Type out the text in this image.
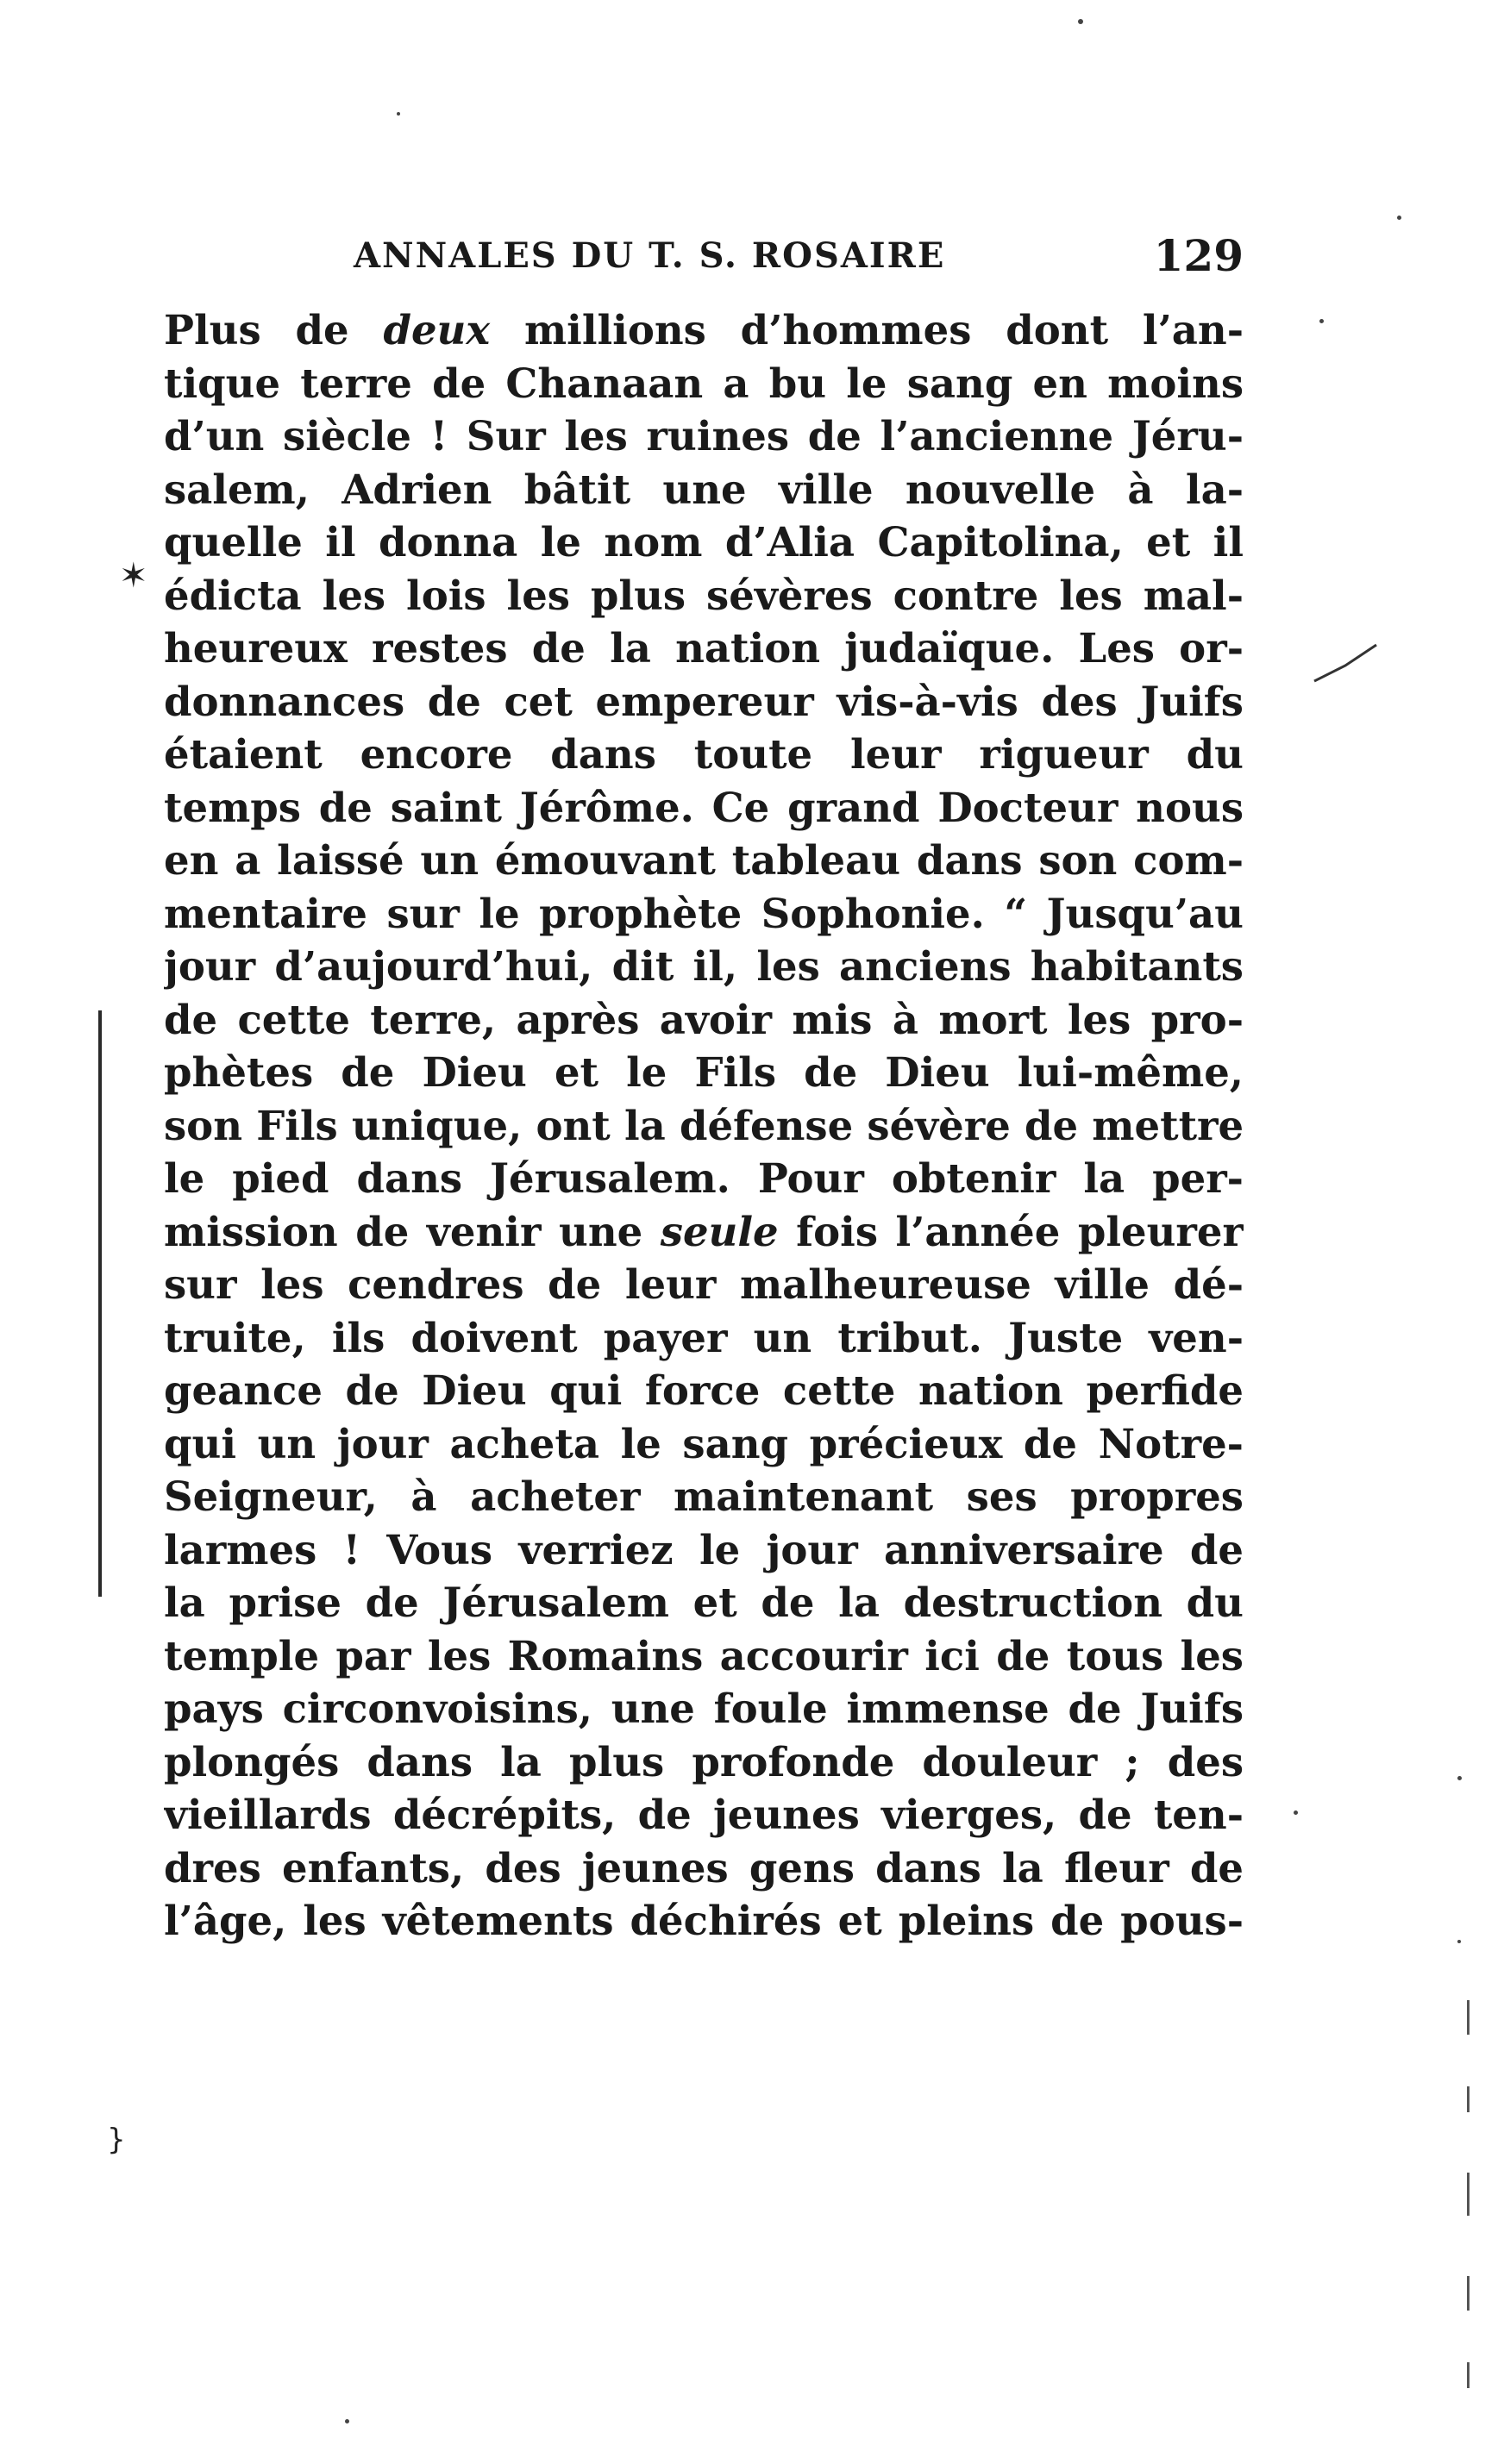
ANNALES DU T. S. ROSAIRE	129
Plus de deux millions d’hommes dont l’an-
tique terre de Chanaan a bu le sang en moins
d’un siècle ! Sur les ruines de l’ancienne Jéru-
salem, Adrien bâtit une ville nouvelle à la-
quelle il donna le nom d’Alia Capitolina, et il
édicta les lois les plus sévères contre les mal-
heureux restes de la nation judaïque. Les or-
donnances de cet empereur vis-à-vis des Juifs
étaient encore dans toute leur rigueur du
temps de saint Jérôme. Ce grand Docteur nous
en a laissé un émouvant tableau dans son com-
mentaire sur le prophète Sophonie. “ Jusqu’au
jour d’aujourd’hui, dit il, les anciens habitants
de cette terre, après avoir mis à mort les pro-
phètes de Dieu et le Fils de Dieu lui-même,
son Fils unique, ont la défense sévère de mettre
le pied dans Jérusalem. Pour obtenir la per-
mission de venir une seule fois l’année pleurer
sur les cendres de leur malheureuse ville dé-
truite, ils doivent payer un tribut. Juste ven-
geance de Dieu qui force cette nation perfide
qui un jour acheta le sang précieux de Notre-
Seigneur, à acheter maintenant ses propres
larmes ! Vous verriez le jour anniversaire de
la prise de Jérusalem et de la destruction du
temple par les Romains accourir ici de tous les
pays circonvoisins, une foule immense de Juifs
plongés dans la plus profonde douleur ; des
vieillards décrépits, de jeunes vierges, de ten-
dres enfants, des jeunes gens dans la fleur de
l’âge, les vêtements déchirés et pleins de pous-
✶
}
